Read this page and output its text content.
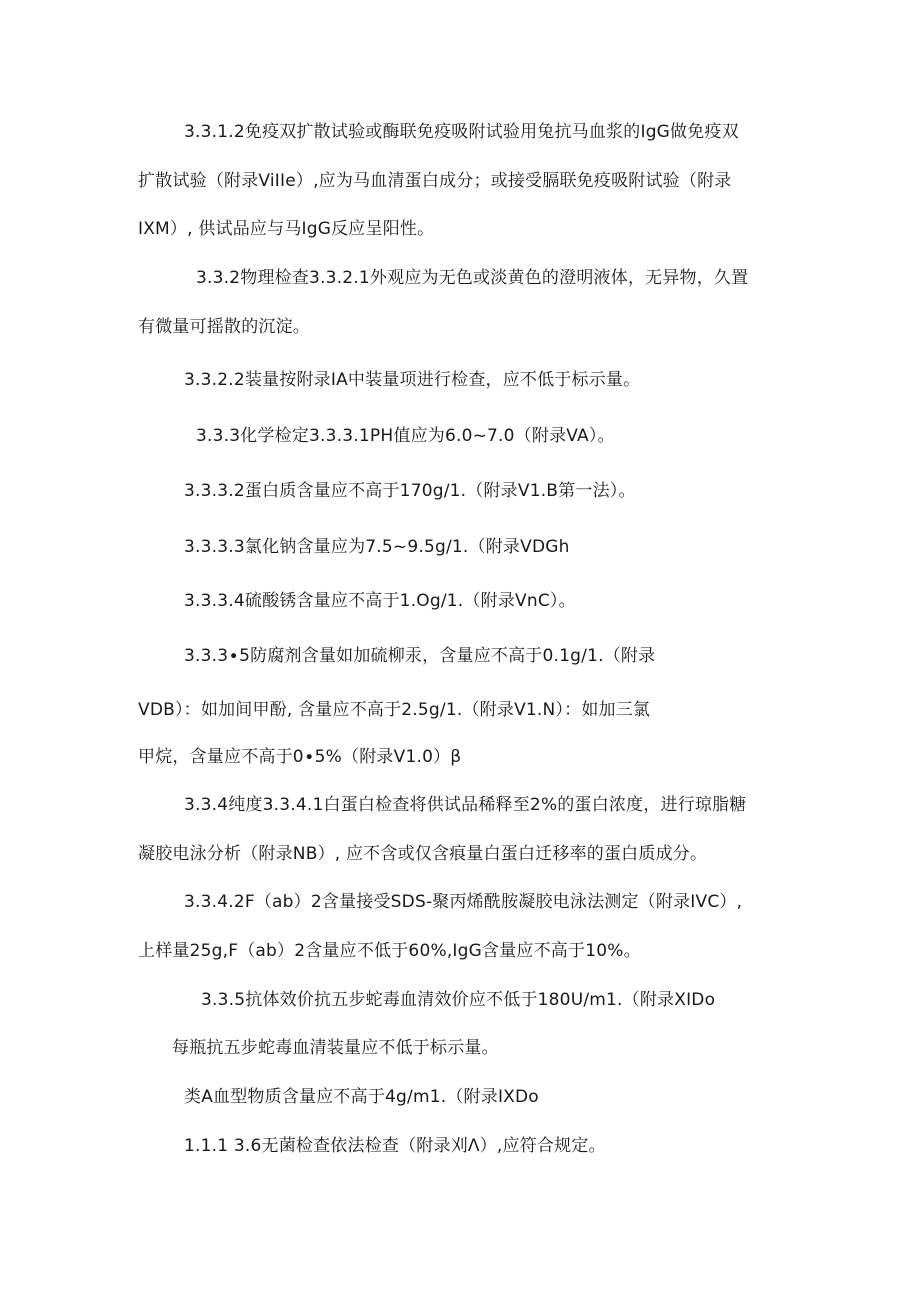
3.3.1.2免疫双扩散试验或酶联免疫吸附试验用兔抗马血浆的IgG做免疫双
扩散试验（附录ViIIe）,应为马血清蛋白成分；或接受膈联免疫吸附试验（附录
IXM）, 供试品应与马IgG反应呈阳性。
3.3.2物理检查3.3.2.1外观应为无色或淡黄色的澄明液体，无异物，久置
有微量可摇散的沉淀。
3.3.2.2装量按附录IA中装量项进行检查，应不低于标示量。
3.3.3化学检定3.3.3.1PH值应为6.0~7.0（附录VA）。
3.3.3.2蛋白质含量应不高于170g∕1.（附录V1.B第一法）。
3.3.3.3氯化钠含量应为7.5~9.5g∕1.（附录VDGh
3.3.3.4硫酸锈含量应不高于1.Og/1.（附录VnC）。
3.3.3∙5防腐剂含量如加硫柳汞，含量应不高于0.1g∕1.（附录
VDB）：如加间甲酚, 含量应不高于2.5g∕1.（附录V1.N）：如加三氯
甲烷，含量应不高于0∙5%（附录V1.0）β
3.3.4纯度3.3.4.1白蛋白检查将供试品稀释至2%的蛋白浓度，进行琼脂糖
凝胶电泳分析（附录NB）, 应不含或仅含痕量白蛋白迁移率的蛋白质成分。
3.3.4.2F（ab）2含量接受SDS-聚丙烯酰胺凝胶电泳法测定（附录IVC）,
上样量25g,F（ab）2含量应不低于60%,IgG含量应不高于10%。
3.3.5抗体效价抗五步蛇毒血清效价应不低于180U∕m1.（附录XIDo
每瓶抗五步蛇毒血清装量应不低于标示量。
类A血型物质含量应不高于4g∕m1.（附录IXDo
1.1.1 3.6无菌检查依法检查（附录刈Λ）,应符合规定。
